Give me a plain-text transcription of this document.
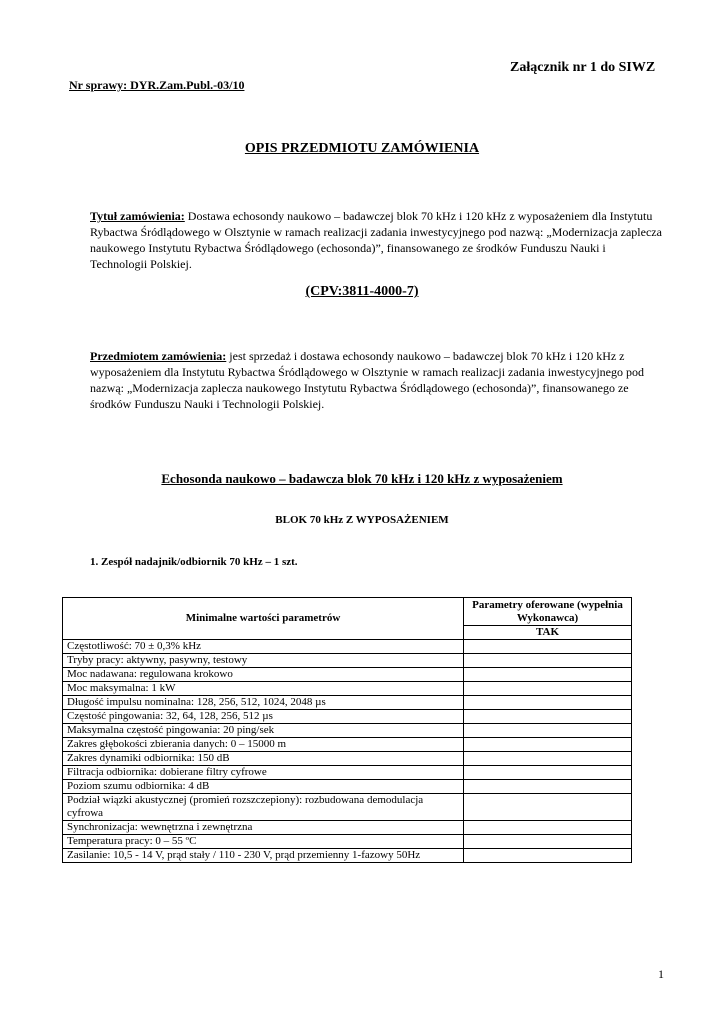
Załącznik nr 1 do SIWZ
Nr sprawy: DYR.Zam.Publ.-03/10
OPIS PRZEDMIOTU ZAMÓWIENIA
Tytuł zamówienia: Dostawa echosondy naukowo – badawczej blok 70 kHz i 120 kHz z wyposażeniem dla Instytutu Rybactwa Śródlądowego w Olsztynie w ramach realizacji zadania inwestycyjnego pod nazwą: „Modernizacja zaplecza naukowego Instytutu Rybactwa Śródlądowego (echosonda)”, finansowanego ze środków Funduszu Nauki i Technologii Polskiej.
(CPV:3811-4000-7)
Przedmiotem zamówienia: jest sprzedaż i dostawa echosondy naukowo – badawczej blok 70 kHz i 120 kHz z wyposażeniem dla Instytutu Rybactwa Śródlądowego w Olsztynie w ramach realizacji zadania inwestycyjnego pod nazwą: „Modernizacja zaplecza naukowego Instytutu Rybactwa Śródlądowego (echosonda)”, finansowanego ze środków Funduszu Nauki i Technologii Polskiej.
Echosonda naukowo – badawcza blok 70 kHz i 120 kHz z wyposażeniem
BLOK 70 kHz Z WYPOSAŻENIEM
1. Zespół nadajnik/odbiornik 70 kHz – 1 szt.
Minimalne wartości parametrów	Parametry oferowane (wypełnia Wykonawca)
	TAK
Częstotliwość: 70 ± 0,3% kHz	
Tryby pracy: aktywny, pasywny, testowy	
Moc nadawana: regulowana krokowo	
Moc maksymalna: 1 kW	
Długość impulsu nominalna: 128, 256, 512, 1024, 2048 µs	
Częstość pingowania: 32, 64, 128, 256, 512 µs	
Maksymalna częstość pingowania: 20 ping/sek	
Zakres głębokości zbierania danych: 0 – 15000 m	
Zakres dynamiki odbiornika: 150 dB	
Filtracja odbiornika: dobierane filtry cyfrowe	
Poziom szumu odbiornika: 4 dB	
Podział wiązki akustycznej (promień rozszczepiony): rozbudowana demodulacja cyfrowa	
Synchronizacja: wewnętrzna i zewnętrzna	
Temperatura pracy: 0 – 55 ºC	
Zasilanie: 10,5 - 14 V, prąd stały / 110 - 230 V, prąd przemienny 1-fazowy 50Hz	
1
